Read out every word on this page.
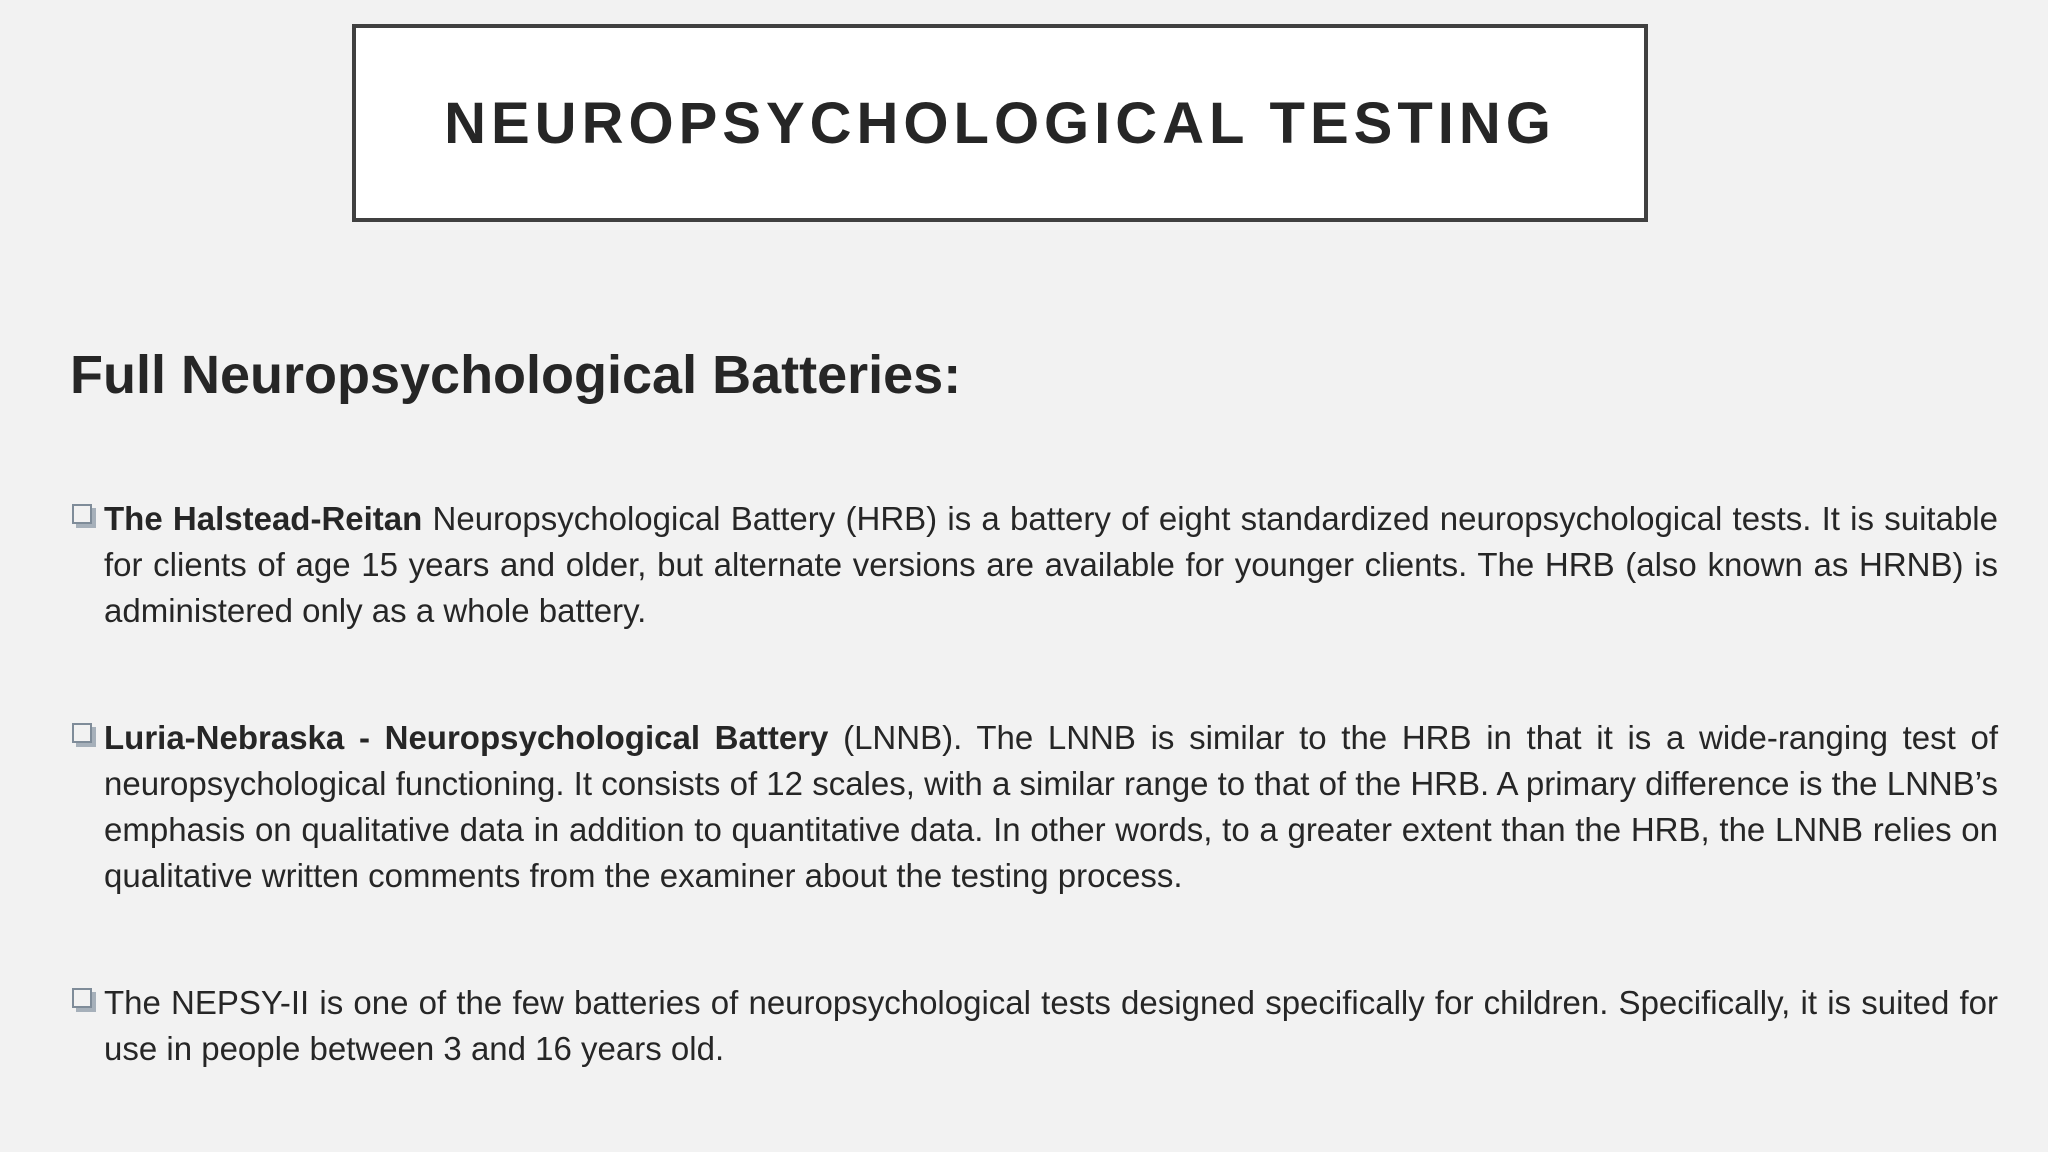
NEUROPSYCHOLOGICAL TESTING
Full Neuropsychological Batteries:
The Halstead-Reitan Neuropsychological Battery (HRB) is a battery of eight standardized neuropsychological tests. It is suitable for clients of age 15 years and older, but alternate versions are available for younger clients. The HRB (also known as HRNB) is administered only as a whole battery.
Luria-Nebraska - Neuropsychological Battery (LNNB). The LNNB is similar to the HRB in that it is a wide-ranging test of neuropsychological functioning. It consists of 12 scales, with a similar range to that of the HRB. A primary difference is the LNNB’s emphasis on qualitative data in addition to quantitative data. In other words, to a greater extent than the HRB, the LNNB relies on qualitative written comments from the examiner about the testing process.
The NEPSY-II is one of the few batteries of neuropsychological tests designed specifically for children. Specifically, it is suited for use in people between 3 and 16 years old.
